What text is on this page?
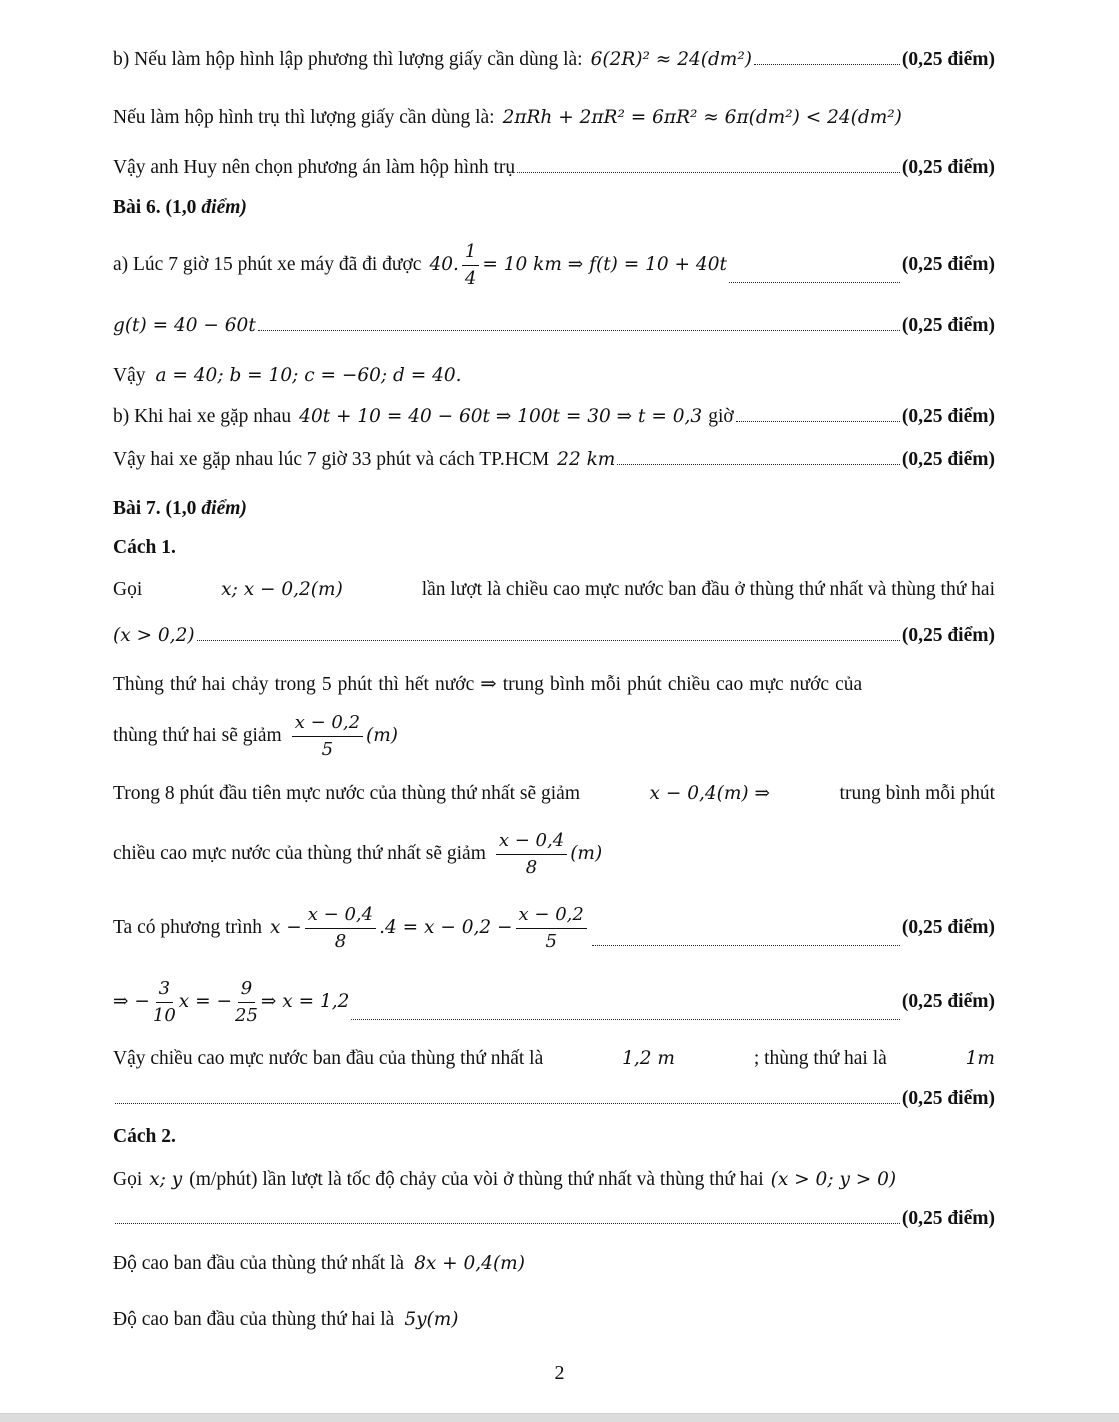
b) Nếu làm hộp hình lập phương thì lượng giấy cần dùng là: 6(2R)² ≈ 24(dm²)	(0,25 điểm)
Nếu làm hộp hình trụ thì lượng giấy cần dùng là: 2πRh + 2πR² = 6πR² ≈ 6π(dm²) < 24(dm²)
Vậy anh Huy nên chọn phương án làm hộp hình trụ	(0,25 điểm)
Bài 6. (1,0 điểm)
a) Lúc 7 giờ 15 phút xe máy đã đi được 40. $\frac{1}{4} = 10$ km ⇒ f(t) = 10 + 40t	(0,25 điểm)
g(t) = 40 − 60t	(0,25 điểm)
Vậy a = 40; b = 10; c = −60; d = 40.
b) Khi hai xe gặp nhau 40t + 10 = 40 − 60t ⇒ 100t = 30 ⇒ t = 0,3 giờ	(0,25 điểm)
Vậy hai xe gặp nhau lúc 7 giờ 33 phút và cách TP.HCM 22 km	(0,25 điểm)
Bài 7. (1,0 điểm)
Cách 1.
Gọi	x; x − 0,2(m)	lần lượt là chiều cao mực nước ban đầu ở thùng thứ nhất và thùng thứ hai
(x > 0,2)	(0,25 điểm)
Thùng thứ hai chảy trong 5 phút thì hết nước ⇒ trung bình mỗi phút chiều cao mực nước của
thùng thứ hai sẽ giảm $\frac{x - 0,2}{5} (m)$
Trong 8 phút đầu tiên mực nước của thùng thứ nhất sẽ giảm	x − 0,4(m) ⇒	trung bình mỗi phút
chiều cao mực nước của thùng thứ nhất sẽ giảm $\frac{x - 0,4}{8} (m)$
Ta có phương trình $x - \frac{x - 0,4}{8} .4 = x - 0,2 - \frac{x - 0,2}{5}$	(0,25 điểm)
⇒ − $\frac{3}{10}$ x = − $\frac{9}{25}$ ⇒ x = 1,2	(0,25 điểm)
Vậy chiều cao mực nước ban đầu của thùng thứ nhất là	1,2 m	; thùng thứ hai là	1m
(0,25 điểm)
Cách 2.
Gọi x; y (m/phút) lần lượt là tốc độ chảy của vòi ở thùng thứ nhất và thùng thứ hai (x > 0; y > 0)
(0,25 điểm)
Độ cao ban đầu của thùng thứ nhất là 8x + 0,4(m)
Độ cao ban đầu của thùng thứ hai là 5y(m)
2
